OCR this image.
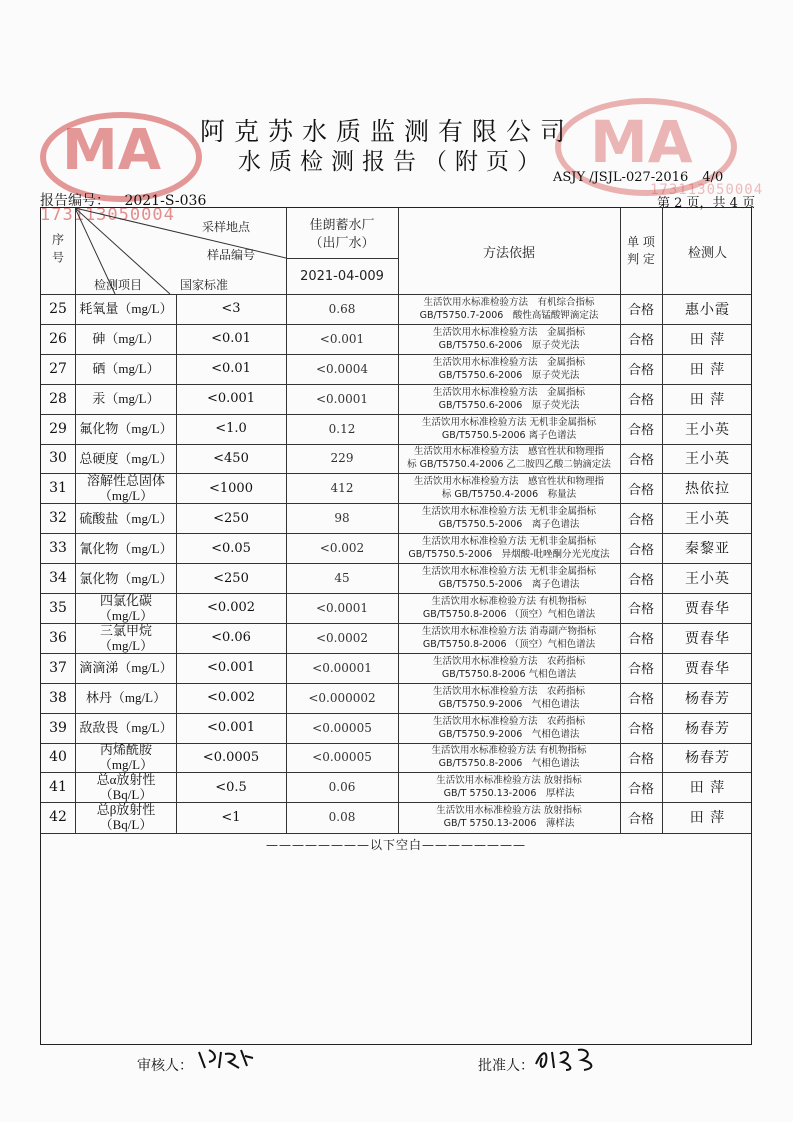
MA	MA
173113050004
173113050004
阿克苏水质监测有限公司
水质检测报告（附页）
ASJY /JSJL-027-2016 4/0
报告编号： 2021-S-036	第 2 页，共 4 页
序号
采样地点
样品编号
检测项目	国家标准
佳朗蓄水厂
（出厂水）
2021-04-009
方法依据
单 项 判 定	检测人
25 耗氧量（mg/L）	<3	0.68	生活饮用水标准检验方法　有机综合指标
GB/T5750.7-2006　酸性高锰酸钾滴定法	合格	惠小霞
26	砷（mg/L）	<0.01	<0.001	生活饮用水标准检验方法　金属指标
GB/T5750.6-2006　原子荧光法	合格	田 萍
27	硒（mg/L）	<0.01	<0.0004	生活饮用水标准检验方法　金属指标
GB/T5750.6-2006　原子荧光法	合格	田 萍
28	汞（mg/L）	<0.001	<0.0001	生活饮用水标准检验方法　金属指标
GB/T5750.6-2006　原子荧光法	合格	田 萍
29 氟化物（mg/L）	<1.0	0.12	生活饮用水标准检验方法 无机非金属指标
GB/T5750.5-2006 离子色谱法	合格	王小英
30 总硬度（mg/L）	<450	229	生活饮用水标准检验方法　感官性状和物理指
标 GB/T5750.4-2006 乙二胺四乙酸二钠滴定法	合格	王小英
31	溶解性总固体（mg/L）
<1000	412	生活饮用水标准检验方法　感官性状和物理指
标 GB/T5750.4-2006　称量法	合格	热依拉
32 硫酸盐（mg/L）	<250	98	生活饮用水标准检验方法 无机非金属指标
GB/T5750.5-2006　离子色谱法	合格	王小英
33 氰化物（mg/L）	<0.05	<0.002	生活饮用水标准检验方法 无机非金属指标
GB/T5750.5-2006　异烟酸-吡唑酮分光光度法	合格	秦黎亚
34 氯化物（mg/L）	<250	45	生活饮用水标准检验方法 无机非金属指标
GB/T5750.5-2006　离子色谱法	合格	王小英
35	四氯化碳（mg/L）
<0.002	<0.0001	生活饮用水标准检验方法 有机物指标
GB/T5750.8-2006 （顶空）气相色谱法	合格	贾春华
36	三氯甲烷（mg/L）
<0.06	<0.0002	生活饮用水标准检验方法 消毒副产物指标
GB/T5750.8-2006 （顶空）气相色谱法	合格	贾春华
37 滴滴涕（mg/L）	<0.001	<0.00001	生活饮用水标准检验方法　农药指标
GB/T5750.8-2006 气相色谱法	合格	贾春华
38	林丹（mg/L）	<0.002	<0.000002	生活饮用水标准检验方法　农药指标
GB/T5750.9-2006　气相色谱法	合格	杨春芳
39 敌敌畏（mg/L）	<0.001	<0.00005	生活饮用水标准检验方法　农药指标
GB/T5750.9-2006　气相色谱法	合格	杨春芳
40	丙烯酰胺（mg/L）
<0.0005	<0.00005	生活饮用水标准检验方法 有机物指标
GB/T5750.8-2006　气相色谱法	合格	杨春芳
41	总α放射性（Bq/L）
<0.5	0.06	生活饮用水标准检验方法 放射指标
GB/T 5750.13-2006　厚样法	合格	田 萍
42	总β放射性（Bq/L）
<1	0.08	生活饮用水标准检验方法 放射指标
GB/T 5750.13-2006　薄样法	合格	田 萍
————————以下空白————————
审核人：	批准人：
